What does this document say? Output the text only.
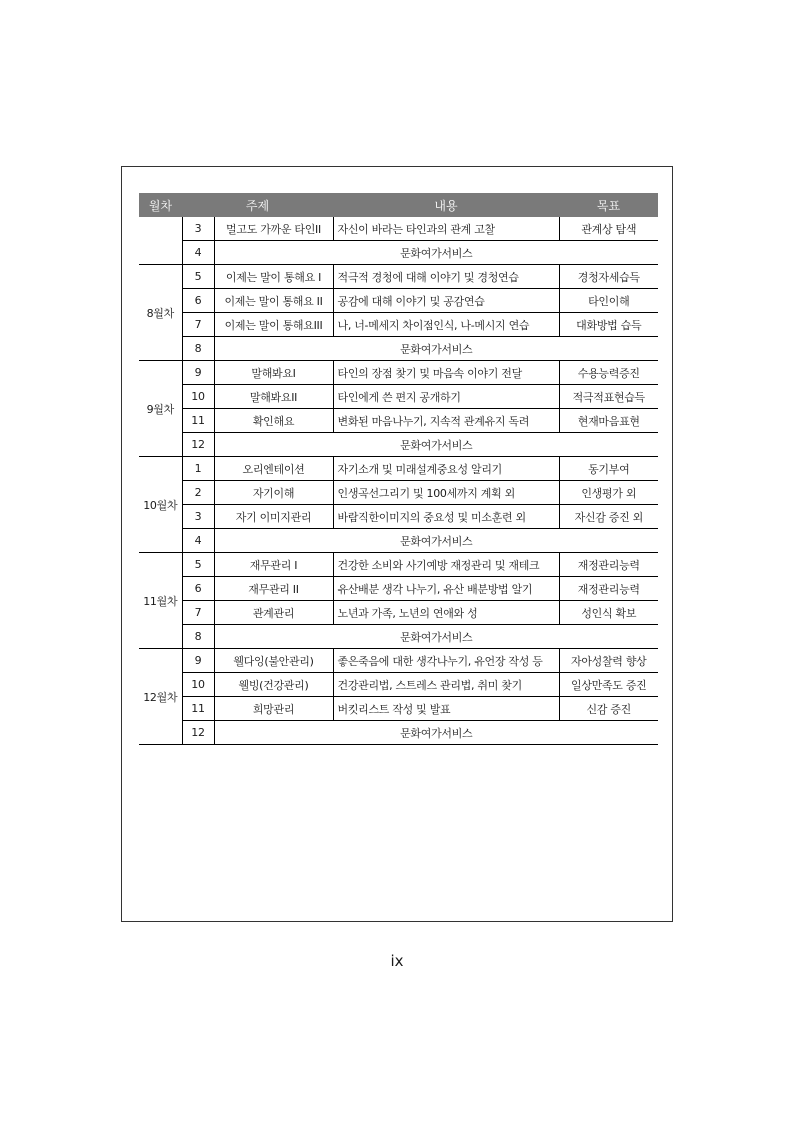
월차	주제		내용	목표
	3	멀고도 가까운 타인II	자신이 바라는 타인과의 관계 고찰	관계상 탐색
	4	문화여가서비스		
8월차	5	이제는 말이 통해요 I	적극적 경청에 대해 이야기 및 경청연습	경청자세습득
	6	이제는 말이 통해요 II	공감에 대해 이야기 및 공감연습	타인이해
	7	이제는 말이 통해요III	나, 너-메세지 차이점인식, 나-메시지 연습	대화방법 습득
	8	문화여가서비스		
9월차	9	말해봐요I	타인의 장점 찾기 및 마음속 이야기 전달	수용능력증진
	10	말해봐요II	타인에게 쓴 편지 공개하기	적극적표현습득
	11	확인해요	변화된 마음나누기, 지속적 관계유지 독려	현재마음표현
	12	문화여가서비스		
10월차	1	오리엔테이션	자기소개 및 미래설계중요성 알리기	동기부여
	2	자기이해	인생곡선그리기 및 100세까지 계획 외	인생평가 외
	3	자기 이미지관리	바람직한이미지의 중요성 및 미소훈련 외	자신감 증진 외
	4	문화여가서비스		
11월차	5	재무관리 I	건강한 소비와 사기예방 재정관리 및 재테크	재정관리능력
	6	재무관리 II	유산배분 생각 나누기, 유산 배분방법 알기	재정관리능력
	7	관계관리	노년과 가족, 노년의 연애와 성	성인식 확보
	8	문화여가서비스		
12월차	9	웰다잉(불안관리)	좋은죽음에 대한 생각나누기, 유언장 작성 등	자아성찰력 향상
	10	웰빙(건강관리)	건강관리법, 스트레스 관리법, 취미 찾기	일상만족도 증진
	11	희망관리	버킷리스트 작성 및 발표	신감 증진
	12	문화여가서비스		
ix
